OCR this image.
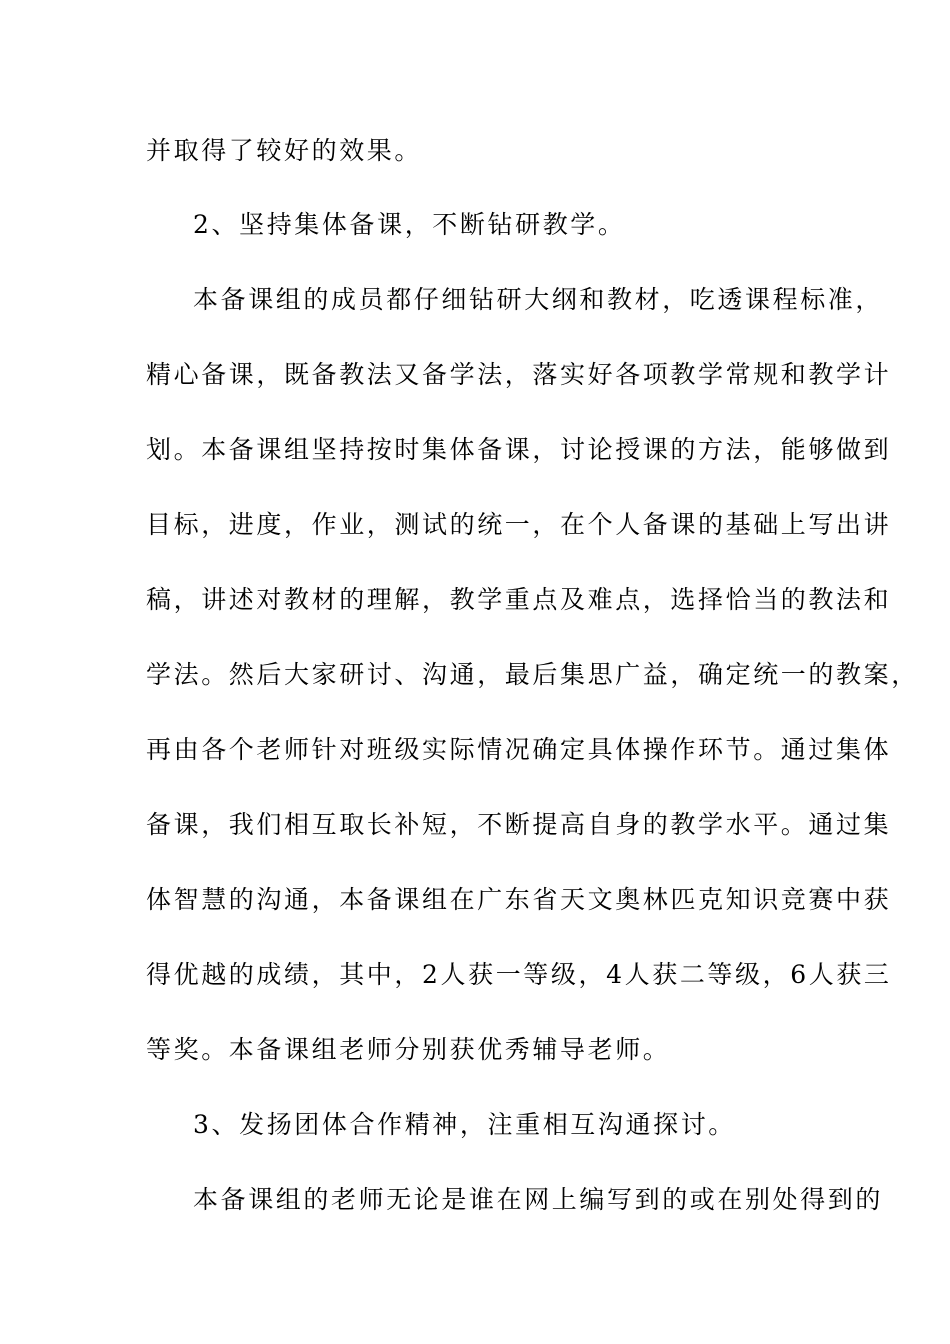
并取得了较好的效果。
2、坚持集体备课，不断钻研教学。
本备课组的成员都仔细钻研大纲和教材，吃透课程标准，
精心备课，既备教法又备学法，落实好各项教学常规和教学计
划。本备课组坚持按时集体备课，讨论授课的方法，能够做到
目标，进度，作业，测试的统一，在个人备课的基础上写出讲
稿，讲述对教材的理解，教学重点及难点，选择恰当的教法和
学法。然后大家研讨、沟通，最后集思广益，确定统一的教案，
再由各个老师针对班级实际情况确定具体操作环节。通过集体
备课，我们相互取长补短，不断提高自身的教学水平。通过集
体智慧的沟通，本备课组在广东省天文奥林匹克知识竞赛中获
得优越的成绩，其中，2人获一等级，4人获二等级，6人获三
等奖。本备课组老师分别获优秀辅导老师。
3、发扬团体合作精神，注重相互沟通探讨。
本备课组的老师无论是谁在网上编写到的或在别处得到的
